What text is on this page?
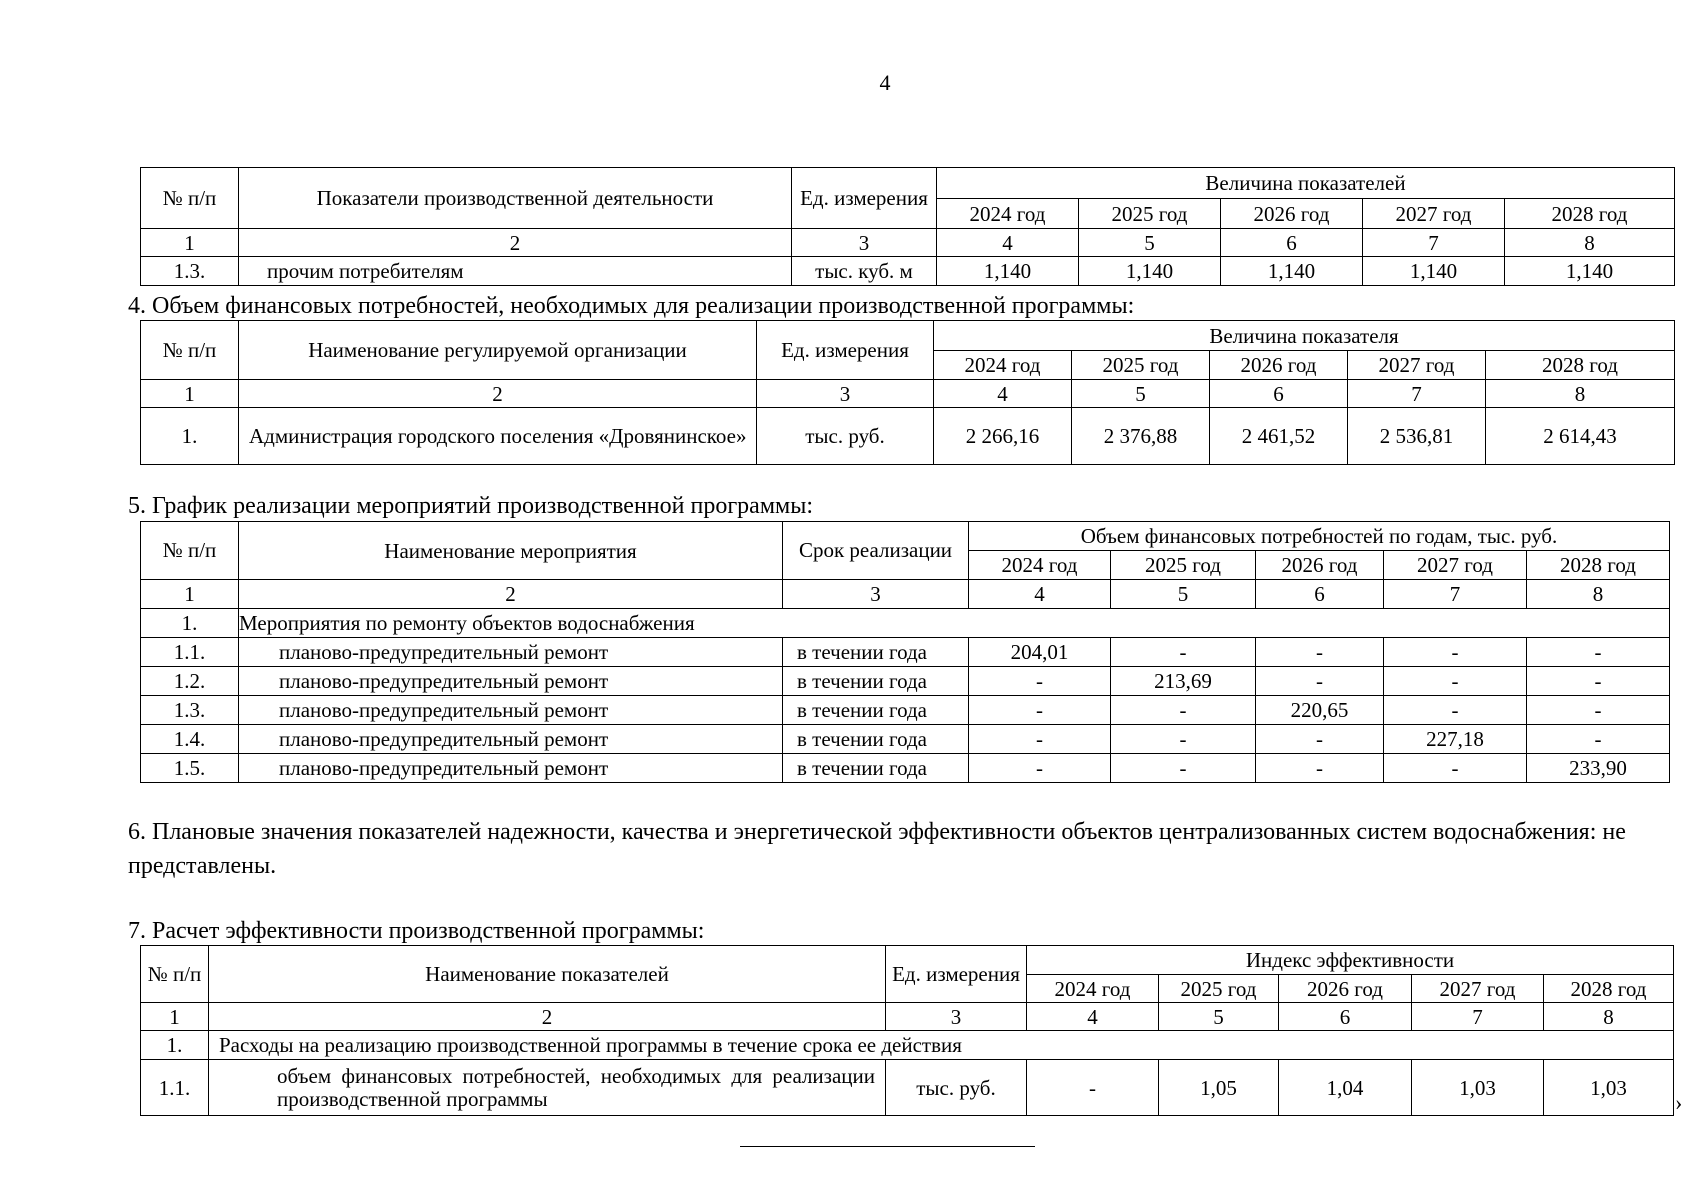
4
№ п/п	Показатели производственной деятельности	Ед. измерения	Величина показателей				
			2024 год	2025 год	2026 год	2027 год	2028 год
1	2	3	4	5	6	7	8
1.3.	прочим потребителям	тыс. куб. м	1,140	1,140	1,140	1,140	1,140
4. Объем финансовых потребностей, необходимых для реализации производственной программы:
№ п/п	Наименование регулируемой организации	Ед. измерения	Величина показателя				
			2024 год	2025 год	2026 год	2027 год	2028 год
1	2	3	4	5	6	7	8
1.	Администрация городского поселения «Дровянинское»	тыс. руб.	2 266,16	2 376,88	2 461,52	2 536,81	2 614,43
5. График реализации мероприятий производственной программы:
№ п/п	Наименование мероприятия	Срок реализации	Объем финансовых потребностей по годам, тыс. руб.				
			2024 год	2025 год	2026 год	2027 год	2028 год
1	2	3	4	5	6	7	8
1.	Мероприятия по ремонту объектов водоснабжения						
1.1.	планово-предупредительный ремонт	в течении года	204,01	-	-	-	-
1.2.	планово-предупредительный ремонт	в течении года	-	213,69	-	-	-
1.3.	планово-предупредительный ремонт	в течении года	-	-	220,65	-	-
1.4.	планово-предупредительный ремонт	в течении года	-	-	-	227,18	-
1.5.	планово-предупредительный ремонт	в течении года	-	-	-	-	233,90
6. Плановые значения показателей надежности, качества и энергетической эффективности объектов централизованных систем водоснабжения: не представлены.
7. Расчет эффективности производственной программы:
№ п/п	Наименование показателей	Ед. измерения	Индекс эффективности				
			2024 год	2025 год	2026 год	2027 год	2028 год
1	2	3	4	5	6	7	8
1.	Расходы на реализацию производственной программы в течение срока ее действия						
1.1.	объем финансовых потребностей, необходимых для реализации производственной программы	тыс. руб.	-	1,05	1,04	1,03	1,03
›
